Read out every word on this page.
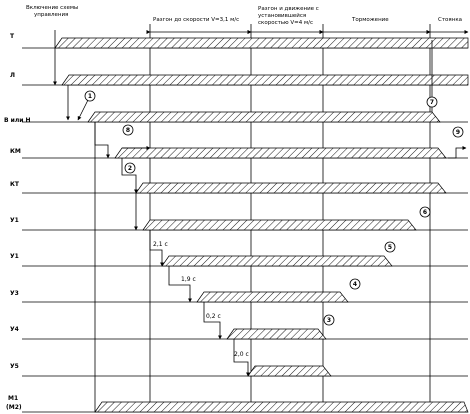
Включение схемы
управления
Разгон до скорости V=3,1 м/с
Разгон и движение с
установившейся
скоростью V=4 м/с	Торможение	Стоянка
Т
Л
В или Н
КМ
КТ
У1
У1
У3
У4
У5
М1
(М2)
2,1 с
1,9 с
0,2 с
2,0 с
1
2
3
4
5
6
7
8	9
